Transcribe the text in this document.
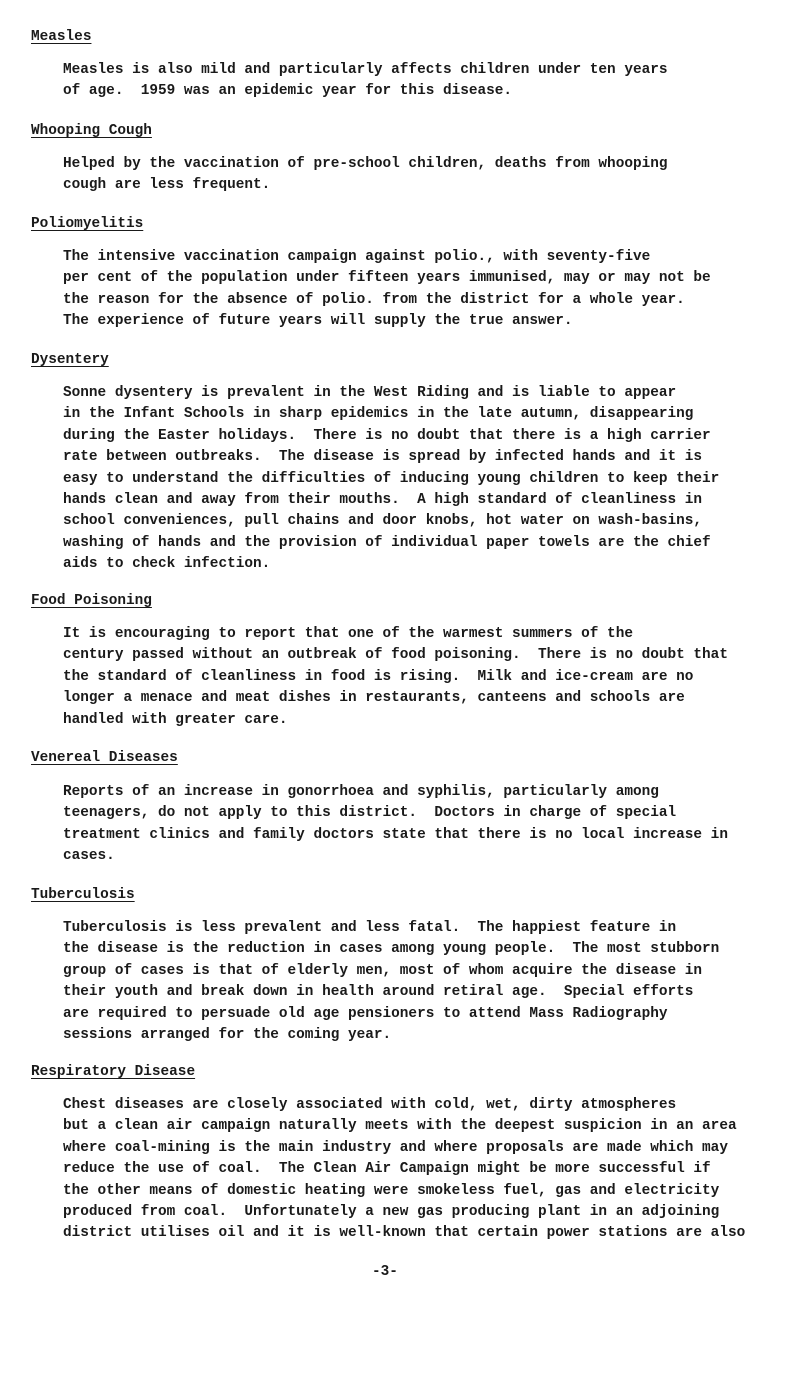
Measles
Measles is also mild and particularly affects children under ten years
of age.  1959 was an epidemic year for this disease.
Whooping Cough
Helped by the vaccination of pre-school children, deaths from whooping
cough are less frequent.
Poliomyelitis
The intensive vaccination campaign against polio., with seventy-five
per cent of the population under fifteen years immunised, may or may not be
the reason for the absence of polio. from the district for a whole year.
The experience of future years will supply the true answer.
Dysentery
Sonne dysentery is prevalent in the West Riding and is liable to appear
in the Infant Schools in sharp epidemics in the late autumn, disappearing
during the Easter holidays.  There is no doubt that there is a high carrier
rate between outbreaks.  The disease is spread by infected hands and it is
easy to understand the difficulties of inducing young children to keep their
hands clean and away from their mouths.  A high standard of cleanliness in
school conveniences, pull chains and door knobs, hot water on wash-basins,
washing of hands and the provision of individual paper towels are the chief
aids to check infection.
Food Poisoning
It is encouraging to report that one of the warmest summers of the
century passed without an outbreak of food poisoning.  There is no doubt that
the standard of cleanliness in food is rising.  Milk and ice-cream are no
longer a menace and meat dishes in restaurants, canteens and schools are
handled with greater care.
Venereal Diseases
Reports of an increase in gonorrhoea and syphilis, particularly among
teenagers, do not apply to this district.  Doctors in charge of special
treatment clinics and family doctors state that there is no local increase in
cases.
Tuberculosis
Tuberculosis is less prevalent and less fatal.  The happiest feature in
the disease is the reduction in cases among young people.  The most stubborn
group of cases is that of elderly men, most of whom acquire the disease in
their youth and break down in health around retiral age.  Special efforts
are required to persuade old age pensioners to attend Mass Radiography
sessions arranged for the coming year.
Respiratory Disease
Chest diseases are closely associated with cold, wet, dirty atmospheres
but a clean air campaign naturally meets with the deepest suspicion in an area
where coal-mining is the main industry and where proposals are made which may
reduce the use of coal.  The Clean Air Campaign might be more successful if
the other means of domestic heating were smokeless fuel, gas and electricity
produced from coal.  Unfortunately a new gas producing plant in an adjoining
district utilises oil and it is well-known that certain power stations are also
-3-
